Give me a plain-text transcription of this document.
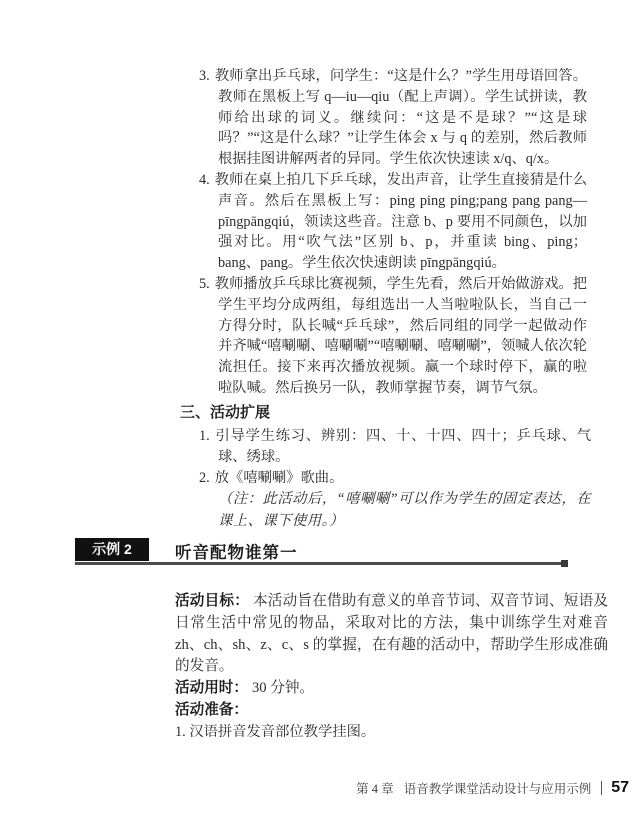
3. 教师拿出乒乓球，问学生：“这是什么？”学生用母语回答。教师在黑板上写 q—iu—qiu（配上声调）。学生试拼读，教师给出球的词义。继续问：“这是不是球？”“这是球吗？”“这是什么球？”让学生体会 x 与 q 的差别，然后教师根据挂图讲解两者的异同。学生依次快速读 x/q、q/x。

4. 教师在桌上拍几下乒乓球，发出声音，让学生直接猜是什么声音。然后在黑板上写：ping ping ping;pang pang pang—pīngpāngqiú，领读这些音。注意 b、p 要用不同颜色，以加强对比。用“吹气法”区别 b、p，并重读 bing、ping；bang、pang。学生依次快速朗读 pīngpāngqiú。

5. 教师播放乒乓球比赛视频，学生先看，然后开始做游戏。把学生平均分成两组，每组选出一人当啦啦队长，当自己一方得分时，队长喊“乒乓球”，然后同组的同学一起做动作并齐喊“嘻唰唰、嘻唰唰”“嘻唰唰、嘻唰唰”，领喊人依次轮流担任。接下来再次播放视频。赢一个球时停下，赢的啦啦队喊。然后换另一队，教师掌握节奏，调节气氛。

三、活动扩展

1. 引导学生练习、辨别：四、十、十四、四十；乒乓球、气球、绣球。

2. 放《嘻唰唰》歌曲。

（注：此活动后，“嘻唰唰”可以作为学生的固定表达，在课上、课下使用。）

示例 2	听音配物谁第一

活动目标： 本活动旨在借助有意义的单音节词、双音节词、短语及日常生活中常见的物品，采取对比的方法，集中训练学生对难音 zh、ch、sh、z、c、s 的掌握，在有趣的活动中，帮助学生形成准确的发音。

活动用时： 30 分钟。

活动准备：

1. 汉语拼音发音部位教学挂图。

第 4 章 语音教学课堂活动设计与应用示例 57
